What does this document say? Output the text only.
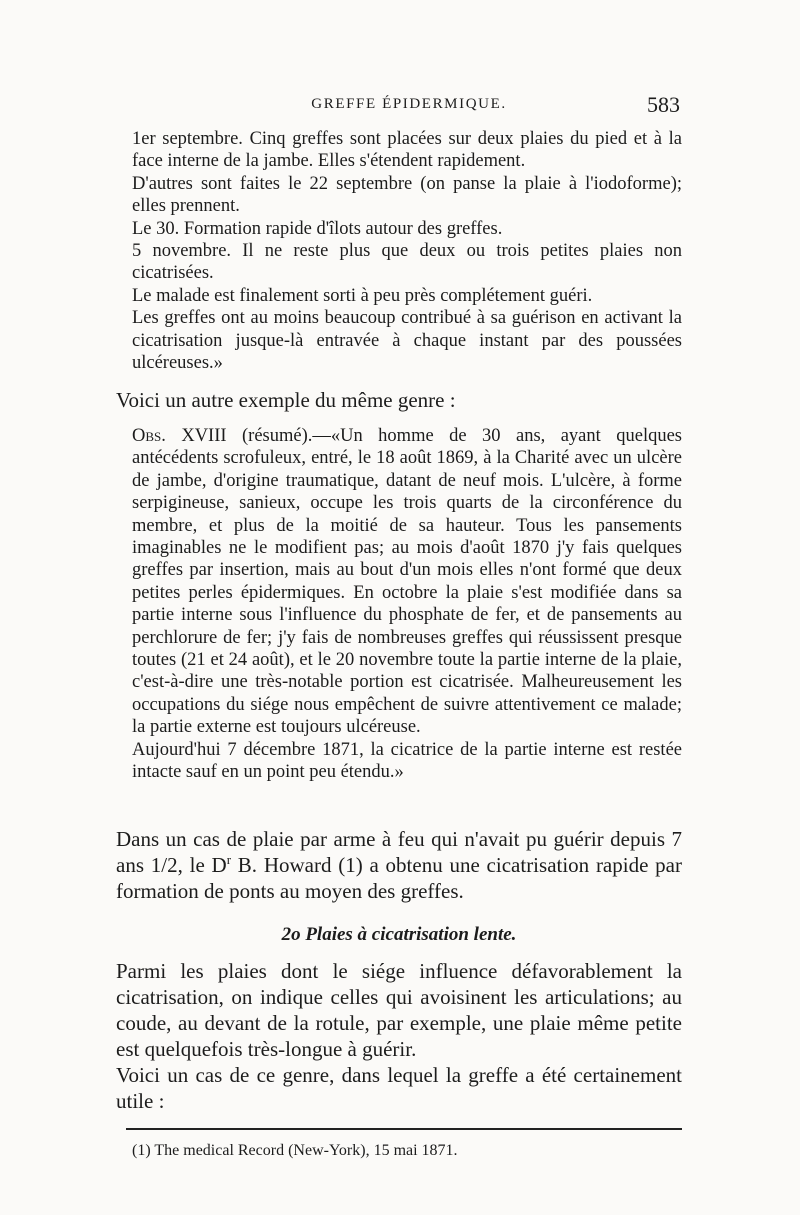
GREFFE ÉPIDERMIQUE.	583

1er septembre. Cinq greffes sont placées sur deux plaies du pied et à la face interne de la jambe. Elles s'étendent rapidement.

D'autres sont faites le 22 septembre (on panse la plaie à l'iodoforme); elles prennent.

Le 30. Formation rapide d'îlots autour des greffes.

5 novembre. Il ne reste plus que deux ou trois petites plaies non cicatrisées.

Le malade est finalement sorti à peu près complétement guéri.

Les greffes ont au moins beaucoup contribué à sa guérison en activant la cicatrisation jusque-là entravée à chaque instant par des poussées ulcéreuses.»

Voici un autre exemple du même genre :

Obs. XVIII (résumé).—«Un homme de 30 ans, ayant quelques antécédents scrofuleux, entré, le 18 août 1869, à la Charité avec un ulcère de jambe, d'origine traumatique, datant de neuf mois. L'ulcère, à forme serpigineuse, sanieux, occupe les trois quarts de la circonférence du membre, et plus de la moitié de sa hauteur. Tous les pansements imaginables ne le modifient pas; au mois d'août 1870 j'y fais quelques greffes par insertion, mais au bout d'un mois elles n'ont formé que deux petites perles épidermiques. En octobre la plaie s'est modifiée dans sa partie interne sous l'influence du phosphate de fer, et de pansements au perchlorure de fer; j'y fais de nombreuses greffes qui réussissent presque toutes (21 et 24 août), et le 20 novembre toute la partie interne de la plaie, c'est-à-dire une très-notable portion est cicatrisée. Malheureusement les occupations du siége nous empêchent de suivre attentivement ce malade; la partie externe est toujours ulcéreuse.

Aujourd'hui 7 décembre 1871, la cicatrice de la partie interne est restée intacte sauf en un point peu étendu.»

Dans un cas de plaie par arme à feu qui n'avait pu guérir depuis 7 ans 1/2, le $D^r$ B. Howard (1) a obtenu une cicatrisation rapide par formation de ponts au moyen des greffes.

2o Plaies à cicatrisation lente.

Parmi les plaies dont le siége influence défavorablement la cicatrisation, on indique celles qui avoisinent les articulations; au coude, au devant de la rotule, par exemple, une plaie même petite est quelquefois très-longue à guérir.

Voici un cas de ce genre, dans lequel la greffe a été certainement utile :

(1) The medical Record (New-York), 15 mai 1871.
